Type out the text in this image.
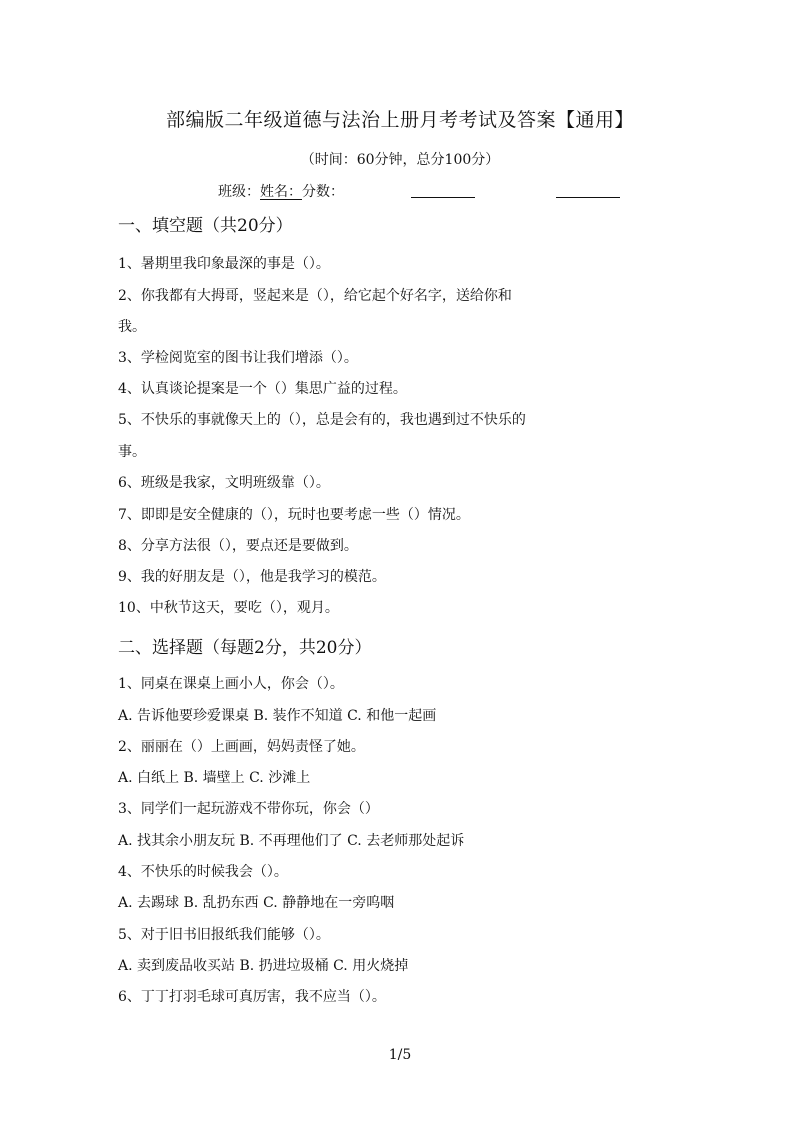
部编版二年级道德与法治上册月考考试及答案【通用】
（时间：60分钟，总分100分）
班级：姓名：分数：
一、填空题（共20分）
1、暑期里我印象最深的事是（）。
2、你我都有大拇哥，竖起来是（），给它起个好名字，送给你和
我。
3、学检阅览室的图书让我们增添（）。
4、认真谈论提案是一个（）集思广益的过程。
5、不快乐的事就像天上的（），总是会有的，我也遇到过不快乐的
事。
6、班级是我家，文明班级靠（）。
7、即即是安全健康的（），玩时也要考虑一些（）情况。
8、分享方法很（），要点还是要做到。
9、我的好朋友是（），他是我学习的模范。
10、中秋节这天，要吃（），观月。
二、选择题（每题2分，共20分）
1、同桌在课桌上画小人，你会（）。
A. 告诉他要珍爱课桌 B. 装作不知道 C. 和他一起画
2、丽丽在（）上画画，妈妈责怪了她。
A. 白纸上 B. 墙壁上 C. 沙滩上
3、同学们一起玩游戏不带你玩，你会（）
A. 找其余小朋友玩 B. 不再理他们了 C. 去老师那处起诉
4、不快乐的时候我会（）。
A. 去踢球 B. 乱扔东西 C. 静静地在一旁呜咽
5、对于旧书旧报纸我们能够（）。
A. 卖到废品收买站 B. 扔进垃圾桶 C. 用火烧掉
6、丁丁打羽毛球可真厉害，我不应当（）。
1/5
